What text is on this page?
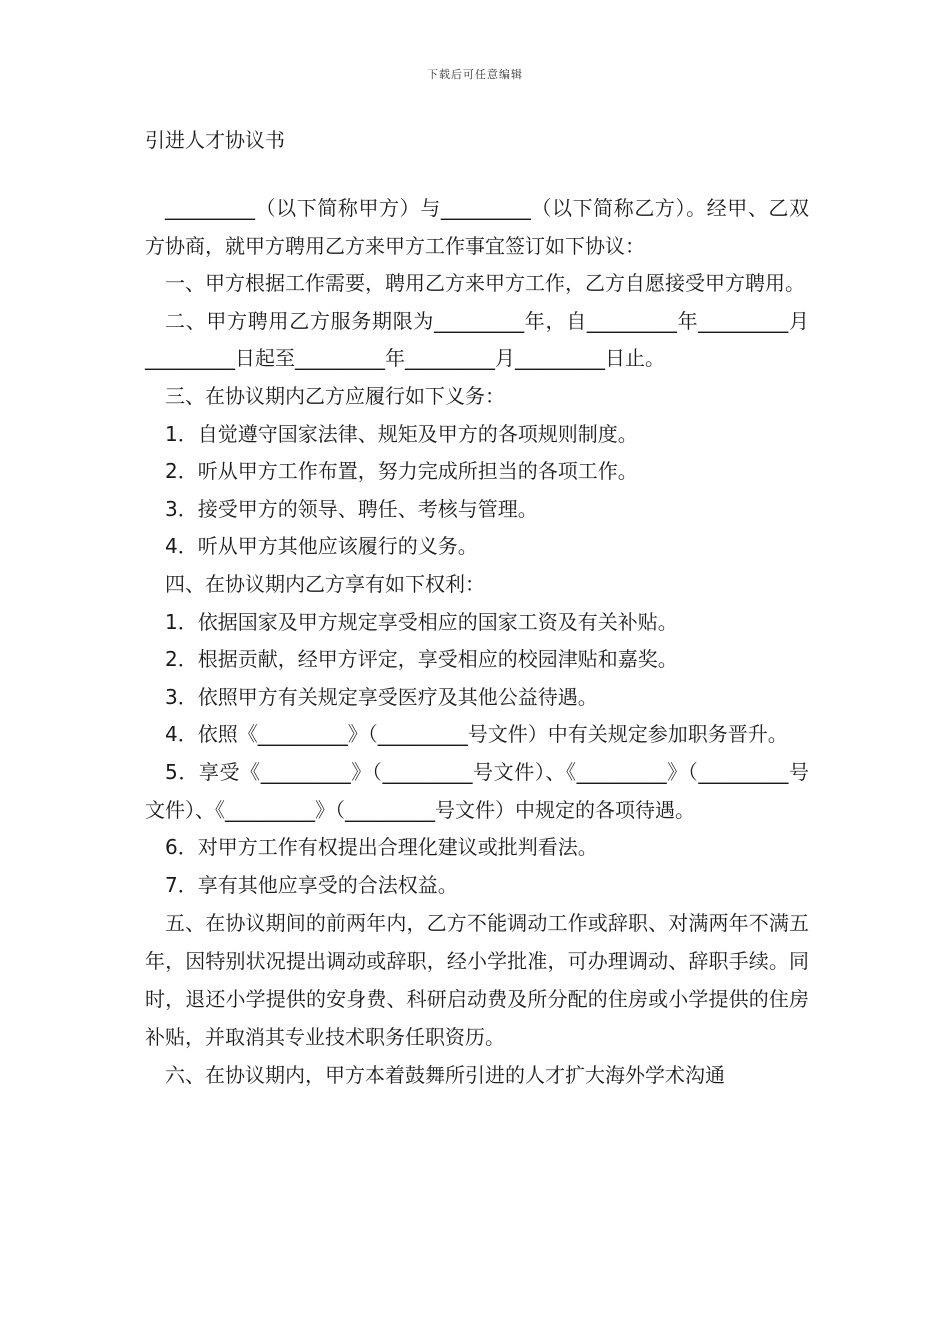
下载后可任意编辑
引进人才协议书

_________（以下简称甲方）与_________（以下简称乙方）。经甲、乙双方协商，就甲方聘用乙方来甲方工作事宜签订如下协议：

一、甲方根据工作需要，聘用乙方来甲方工作，乙方自愿接受甲方聘用。

二、甲方聘用乙方服务期限为_________年，自_________年_________月_________日起至_________年_________月_________日止。

三、在协议期内乙方应履行如下义务：

1．自觉遵守国家法律、规矩及甲方的各项规则制度。

2．听从甲方工作布置，努力完成所担当的各项工作。

3．接受甲方的领导、聘任、考核与管理。

4．听从甲方其他应该履行的义务。

四、在协议期内乙方享有如下权利：

1．依据国家及甲方规定享受相应的国家工资及有关补贴。

2．根据贡献，经甲方评定，享受相应的校园津贴和嘉奖。

3．依照甲方有关规定享受医疗及其他公益待遇。

4．依照《_________》（_________号文件）中有关规定参加职务晋升。

5．享受《_________》（_________号文件）、《_________》（_________号文件）、《_________》（_________号文件）中规定的各项待遇。

6．对甲方工作有权提出合理化建议或批判看法。

7．享有其他应享受的合法权益。

五、在协议期间的前两年内，乙方不能调动工作或辞职、对满两年不满五年，因特别状况提出调动或辞职，经小学批准，可办理调动、辞职手续。同时，退还小学提供的安身费、科研启动费及所分配的住房或小学提供的住房补贴，并取消其专业技术职务任职资历。

六、在协议期内，甲方本着鼓舞所引进的人才扩大海外学术沟通
